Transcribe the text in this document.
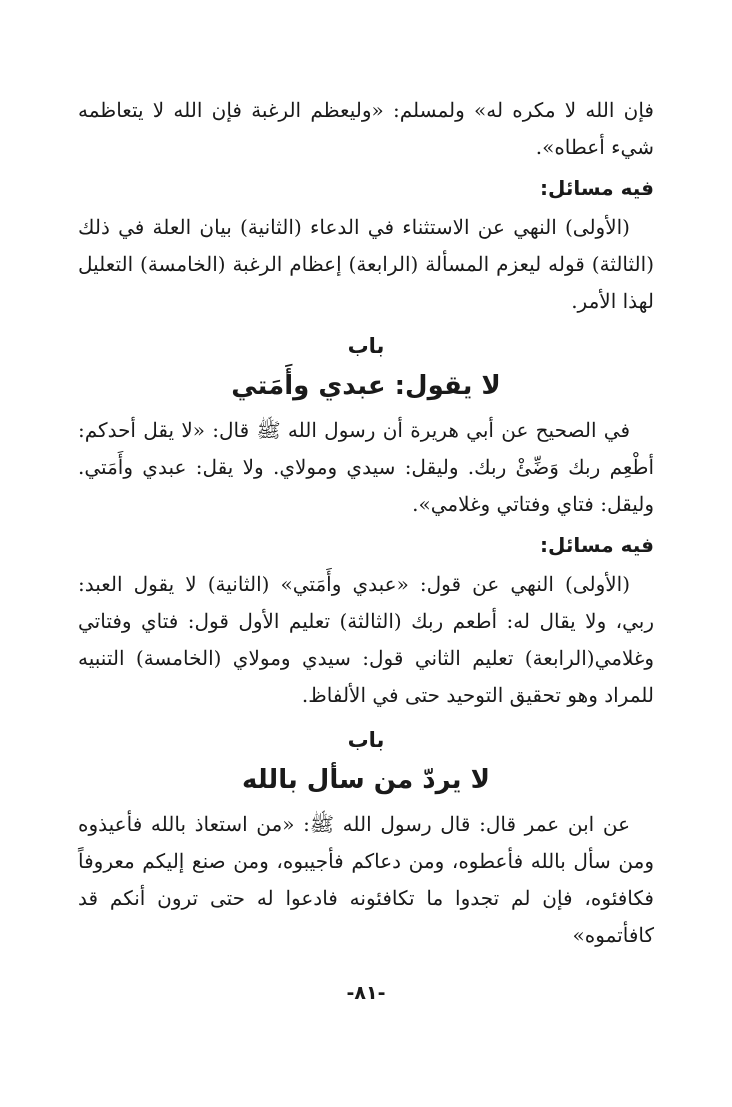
فإن الله لا مكره له» ولمسلم: «وليعظم الرغبة فإن الله لا يتعاظمه شيء أعطاه».

فيه مسائل:

(الأولى) النهي عن الاستثناء في الدعاء (الثانية) بيان العلة في ذلك (الثالثة) قوله ليعزم المسألة (الرابعة) إعظام الرغبة (الخامسة) التعليل لهذا الأمر.

باب
لا يقول: عبدي وأَمَتي

في الصحيح عن أبي هريرة أن رسول الله ﷺ قال: «لا يقل أحدكم: أطْعِم ربك وَضِّئْ ربك. وليقل: سيدي ومولاي. ولا يقل: عبدي وأَمَتي. وليقل: فتاي وفتاتي وغلامي».

فيه مسائل:

(الأولى) النهي عن قول: «عبدي وأَمَتي» (الثانية) لا يقول العبد: ربي، ولا يقال له: أطعم ربك (الثالثة) تعليم الأول قول: فتاي وفتاتي وغلامي(الرابعة) تعليم الثاني قول: سيدي ومولاي (الخامسة) التنبيه للمراد وهو تحقيق التوحيد حتى في الألفاظ.

باب
لا يردّ من سأل بالله

عن ابن عمر قال: قال رسول الله ﷺ: «من استعاذ بالله فأعيذوه ومن سأل بالله فأعطوه، ومن دعاكم فأجيبوه، ومن صنع إليكم معروفاً فكافئوه، فإن لم تجدوا ما تكافئونه فادعوا له حتى ترون أنكم قد كافأتموه»

-٨١-
